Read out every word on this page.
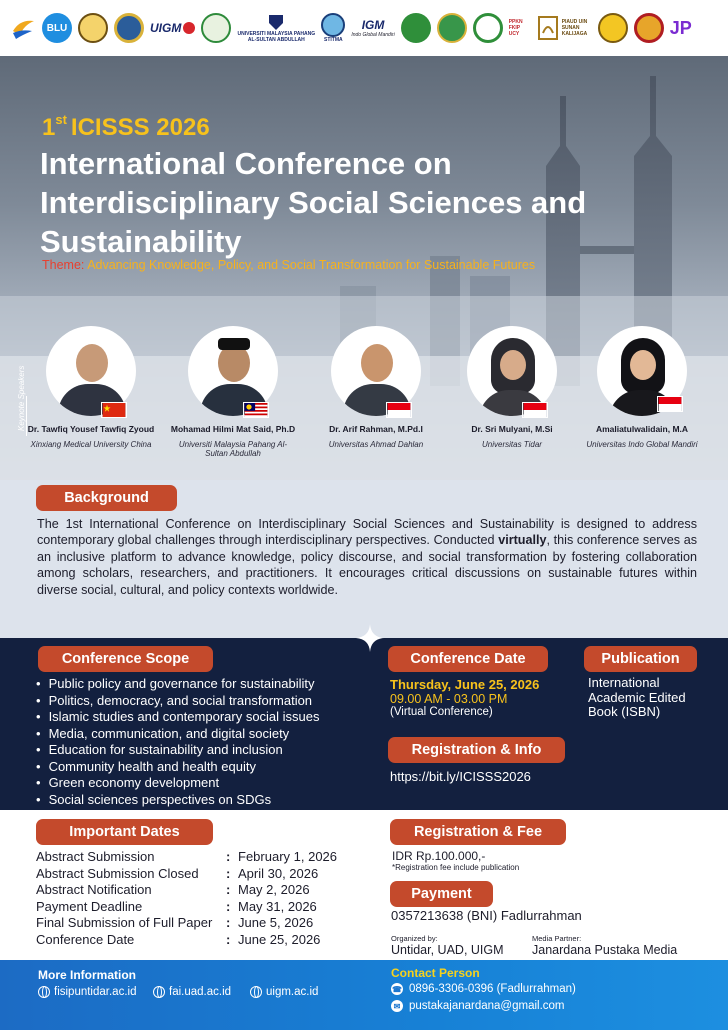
BLU	UIGM	UNIVERSITI MALAYSIA PAHANG AL-SULTAN ABDULLAH	STITMA
IGM
Indo Global Mandiri
PPKN FKIP UCY
PIAUD UIN SUNAN KALIJAGA	JP
1st ICISSS 2026
International Conference on Interdisciplinary Social Sciences and Sustainability
Theme: Advancing Knowledge, Policy, and Social Transformation for Sustainable Futures
Keynote Speakers Dr. Tawfiq Yousef Tawfiq Zyoud
Xinxiang Medical University China
Mohamad Hilmi Mat Said, Ph.D
Universiti Malaysia Pahang Al-Sultan Abdullah
Dr. Arif Rahman, M.Pd.I
Universitas Ahmad Dahlan
Dr. Sri Mulyani, M.Si
Universitas Tidar
Amaliatulwalidain, M.A
Universitas Indo Global Mandiri
Background
The 1st International Conference on Interdisciplinary Social Sciences and Sustainability is designed to address contemporary global challenges through interdisciplinary perspectives. Conducted virtually, this conference serves as an inclusive platform to advance knowledge, policy discourse, and social transformation by fostering collaboration among scholars, researchers, and practitioners. It encourages critical discussions on sustainable futures within diverse social, cultural, and policy contexts worldwide.
Conference Scope
• Public policy and governance for sustainability
• Politics, democracy, and social transformation
• Islamic studies and contemporary social issues
• Media, communication, and digital society
• Education for sustainability and inclusion
• Community health and health equity
• Green economy development
• Social sciences perspectives on SDGs
Conference Date
Thursday, June 25, 2026
09.00 AM - 03.00 PM
(Virtual Conference)
Publication
International Academic Edited Book (ISBN)
Registration & Info
https://bit.ly/ICISSS2026
Important Dates
Abstract Submission	: February 1, 2026
Abstract Submission Closed	: April 30, 2026
Abstract Notification	: May 2, 2026
Payment Deadline	: May 31, 2026
Final Submission of Full Paper	: June 5, 2026
Conference Date	: June 25, 2026
Registration & Fee
IDR Rp.100.000,-
*Registration fee include publication
Payment
0357213638 (BNI) Fadlurrahman
Organized by:
Untidar, UAD, UIGM
Media Partner:
Janardana Pustaka Media
More Information
fisipuntidar.ac.id	fai.uad.ac.id	uigm.ac.id
Contact Person
☎ 0896-3306-0396 (Fadlurrahman)
✉ pustakajanardana@gmail.com
